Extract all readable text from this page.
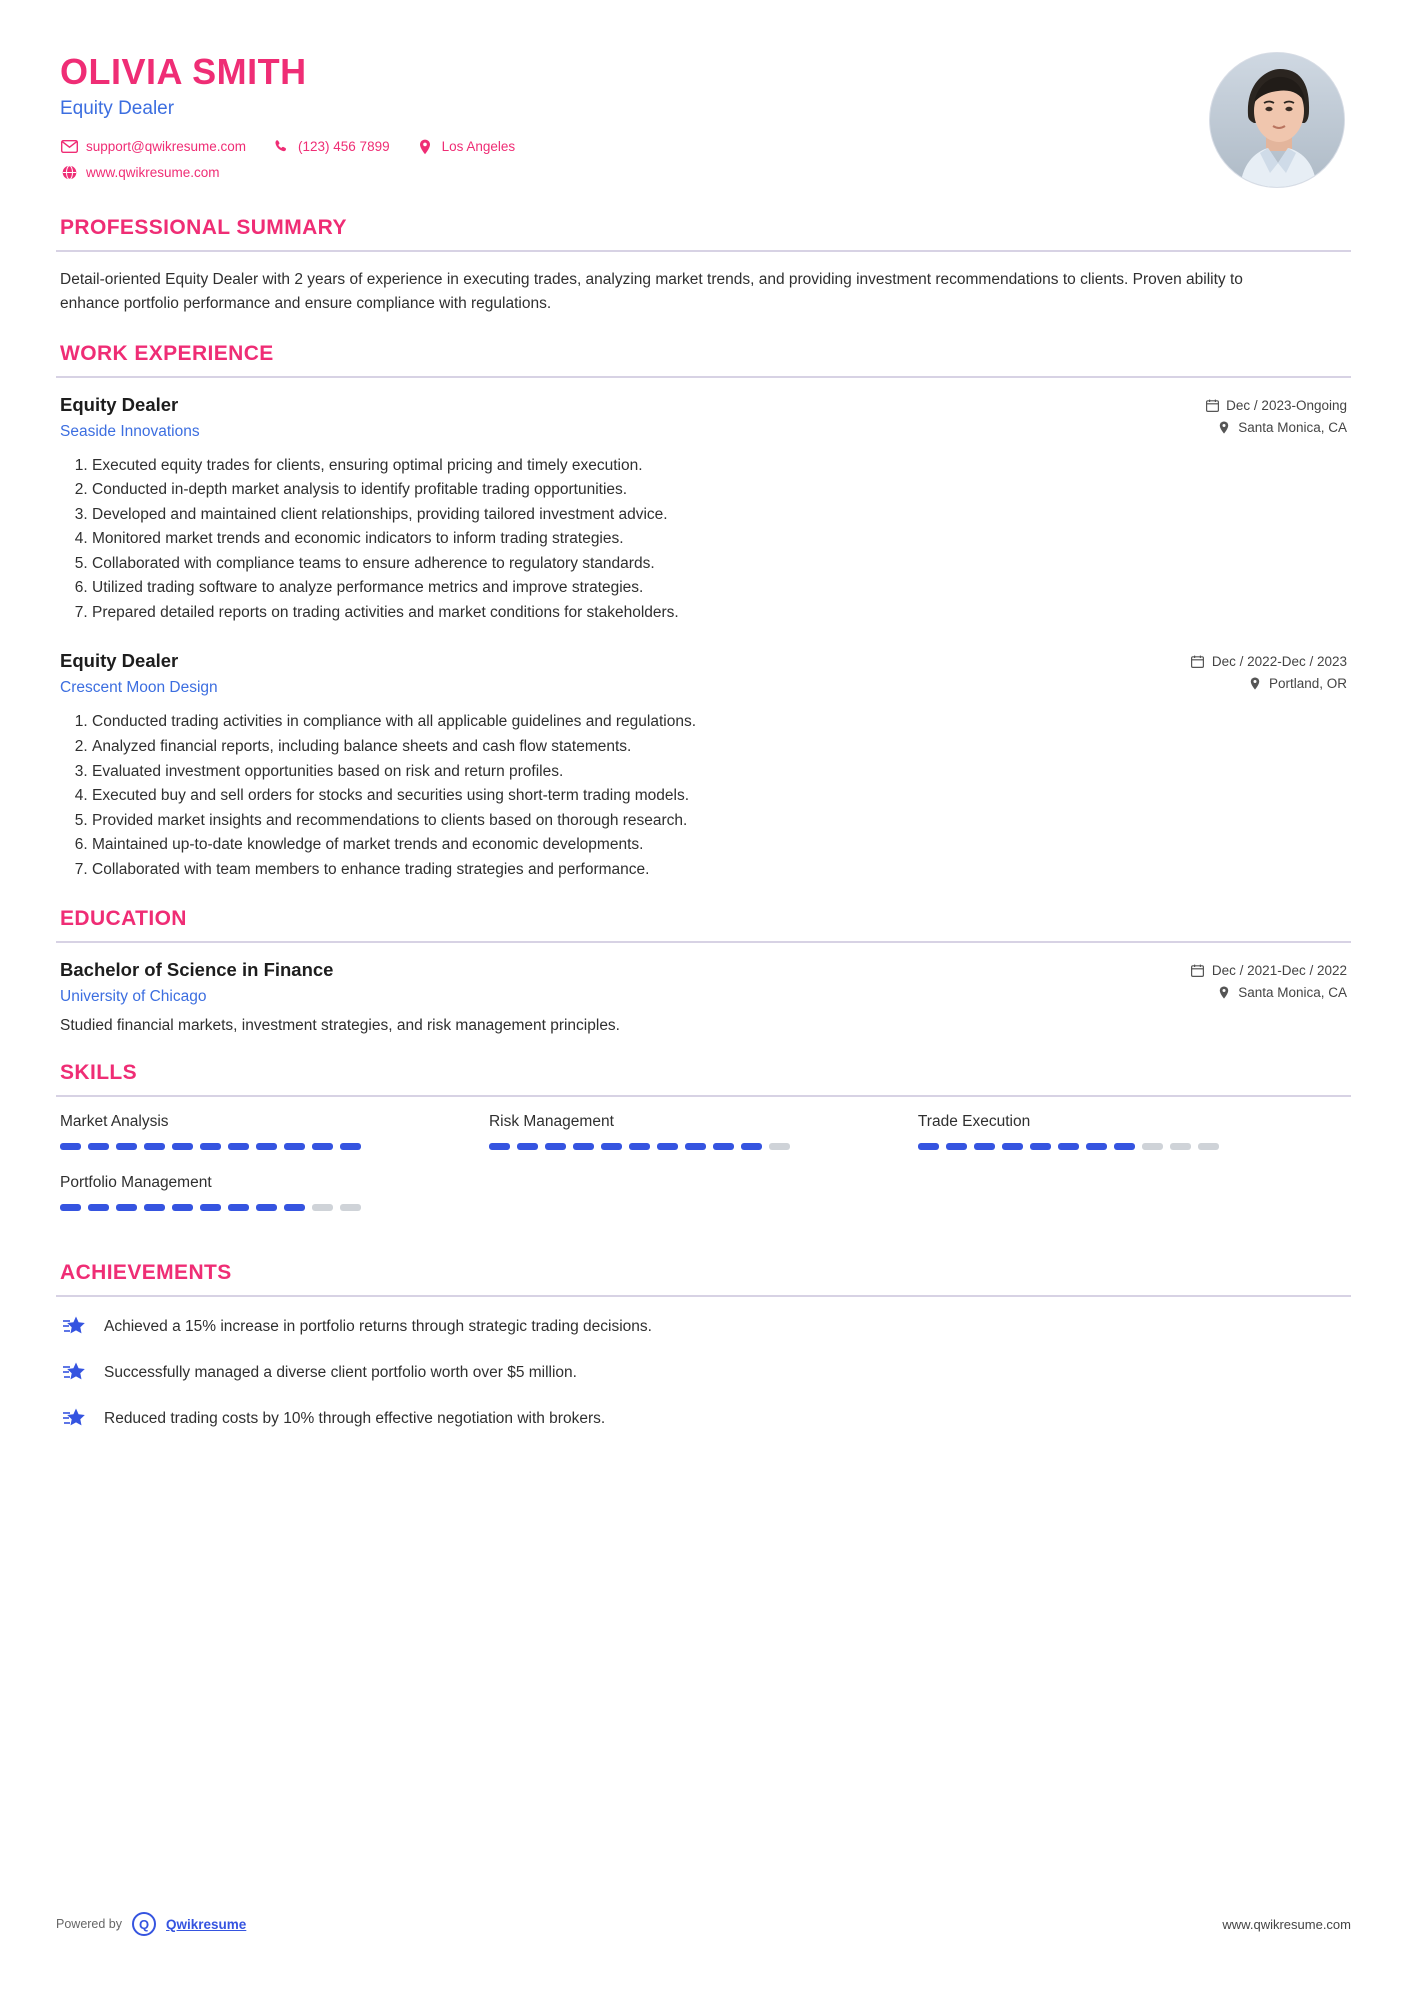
OLIVIA SMITH
Equity Dealer
support@qwikresume.com	(123) 456 7899	Los Angeles
www.qwikresume.com
PROFESSIONAL SUMMARY

Detail-oriented Equity Dealer with 2 years of experience in executing trades, analyzing market trends, and providing investment recommendations to clients. Proven ability to enhance portfolio performance and ensure compliance with regulations.

WORK EXPERIENCE
Equity Dealer
Seaside Innovations
Dec / 2023-Ongoing
Santa Monica, CA
1. Executed equity trades for clients, ensuring optimal pricing and timely execution.
2. Conducted in-depth market analysis to identify profitable trading opportunities.
3. Developed and maintained client relationships, providing tailored investment advice.
4. Monitored market trends and economic indicators to inform trading strategies.
5. Collaborated with compliance teams to ensure adherence to regulatory standards.
6. Utilized trading software to analyze performance metrics and improve strategies.
7. Prepared detailed reports on trading activities and market conditions for stakeholders.
Equity Dealer
Crescent Moon Design
Dec / 2022-Dec / 2023
Portland, OR
1. Conducted trading activities in compliance with all applicable guidelines and regulations.
2. Analyzed financial reports, including balance sheets and cash flow statements.
3. Evaluated investment opportunities based on risk and return profiles.
4. Executed buy and sell orders for stocks and securities using short-term trading models.
5. Provided market insights and recommendations to clients based on thorough research.
6. Maintained up-to-date knowledge of market trends and economic developments.
7. Collaborated with team members to enhance trading strategies and performance.
EDUCATION
Bachelor of Science in Finance
University of Chicago
Dec / 2021-Dec / 2022
Santa Monica, CA

Studied financial markets, investment strategies, and risk management principles.

SKILLS
Market Analysis	Risk Management	Trade Execution
Portfolio Management
ACHIEVEMENTS
Achieved a 15% increase in portfolio returns through strategic trading decisions.
Successfully managed a diverse client portfolio worth over $5 million.
Reduced trading costs by 10% through effective negotiation with brokers.
Powered by	Q	Qwikresume	www.qwikresume.com
